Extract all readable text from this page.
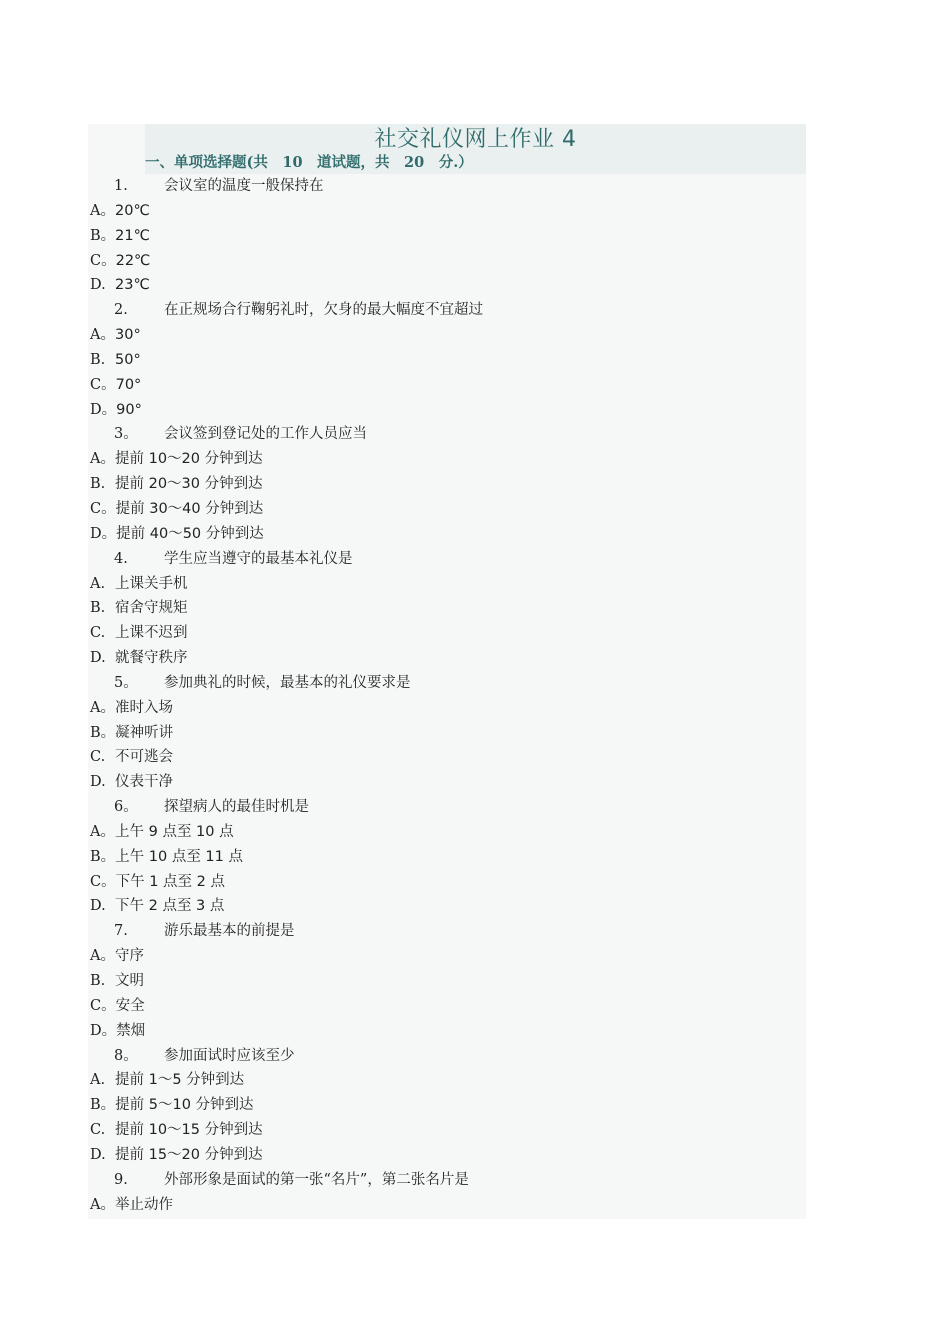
社交礼仪网上作业 4
一、单项选择题(共　10　道试题，共　20　分.）
1. 会议室的温度一般保持在
A。20℃
B。21℃
C。22℃
D. 23℃
2. 在正规场合行鞠躬礼时，欠身的最大幅度不宜超过
A。30°
B. 50°
C。70°
D。90°
3。 会议签到登记处的工作人员应当
A。提前 10～20 分钟到达
B. 提前 20～30 分钟到达
C。提前 30～40 分钟到达
D。提前 40～50 分钟到达
4. 学生应当遵守的最基本礼仪是
A. 上课关手机
B. 宿舍守规矩
C. 上课不迟到
D. 就餐守秩序
5。 参加典礼的时候，最基本的礼仪要求是
A。准时入场
B。凝神听讲
C. 不可逃会
D. 仪表干净
6。 探望病人的最佳时机是
A。上午 9 点至 10 点
B。上午 10 点至 11 点
C。下午 1 点至 2 点
D. 下午 2 点至 3 点
7. 游乐最基本的前提是
A。守序
B. 文明
C。安全
D。禁烟
8。 参加面试时应该至少
A. 提前 1～5 分钟到达
B。提前 5～10 分钟到达
C. 提前 10～15 分钟到达
D. 提前 15～20 分钟到达
9. 外部形象是面试的第一张“名片”，第二张名片是
A。举止动作
